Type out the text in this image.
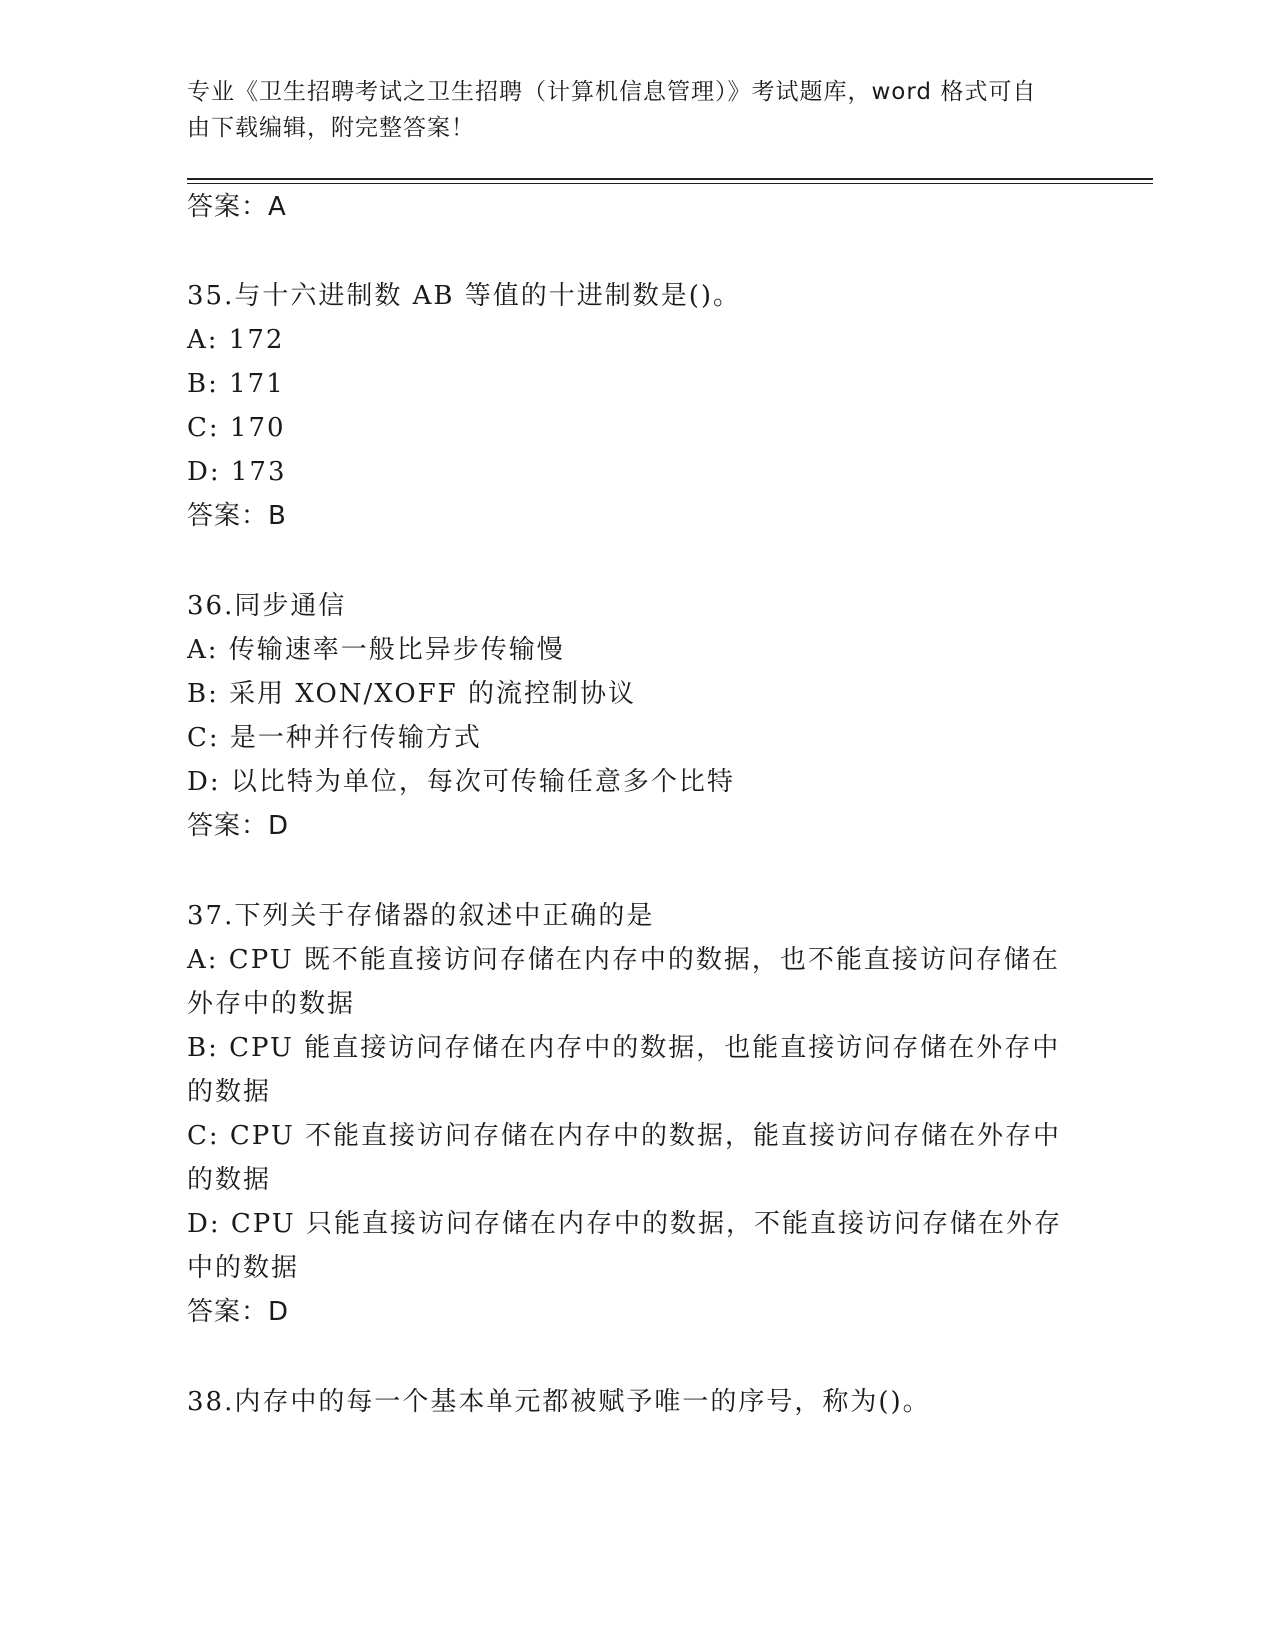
专业《卫生招聘考试之卫生招聘（计算机信息管理）》考试题库，word 格式可自
由下载编辑，附完整答案！
答案：A
35.与十六进制数 AB 等值的十进制数是()。
A: 172
B: 171
C: 170
D: 173
答案：B
36.同步通信
A: 传输速率一般比异步传输慢
B: 采用 XON/XOFF 的流控制协议
C: 是一种并行传输方式
D: 以比特为单位，每次可传输任意多个比特
答案：D
37.下列关于存储器的叙述中正确的是
A: CPU 既不能直接访问存储在内存中的数据，也不能直接访问存储在
外存中的数据
B: CPU 能直接访问存储在内存中的数据，也能直接访问存储在外存中
的数据
C: CPU 不能直接访问存储在内存中的数据，能直接访问存储在外存中
的数据
D: CPU 只能直接访问存储在内存中的数据，不能直接访问存储在外存
中的数据
答案：D
38.内存中的每一个基本单元都被赋予唯一的序号，称为()。
